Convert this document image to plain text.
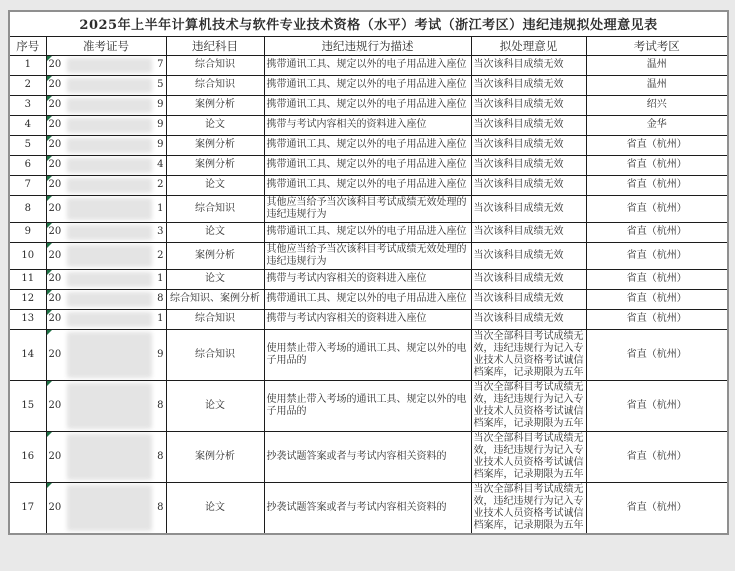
2025年上半年计算机技术与软件专业技术资格（水平）考试（浙江考区）违纪违规拟处理意见表					
序号	准考证号	违纪科目	违纪违规行为描述	拟处理意见	考试考区
1	20 7	综合知识	携带通讯工具、规定以外的电子用品进入座位	当次该科目成绩无效	温州
2	20 5	综合知识	携带通讯工具、规定以外的电子用品进入座位	当次该科目成绩无效	温州
3	20 9	案例分析	携带通讯工具、规定以外的电子用品进入座位	当次该科目成绩无效	绍兴
4	20 9	论文	携带与考试内容相关的资料进入座位	当次该科目成绩无效	金华
5	20 9	案例分析	携带通讯工具、规定以外的电子用品进入座位	当次该科目成绩无效	省直（杭州）
6	20 4	案例分析	携带通讯工具、规定以外的电子用品进入座位	当次该科目成绩无效	省直（杭州）
7	20 2	论文	携带通讯工具、规定以外的电子用品进入座位	当次该科目成绩无效	省直（杭州）
8	20 1	综合知识	其他应当给予当次该科目考试成绩无效处理的违纪违规行为	当次该科目成绩无效	省直（杭州）
9	20 3	论文	携带通讯工具、规定以外的电子用品进入座位	当次该科目成绩无效	省直（杭州）
10	20 2	案例分析	其他应当给予当次该科目考试成绩无效处理的违纪违规行为	当次该科目成绩无效	省直（杭州）
11	20 1	论文	携带与考试内容相关的资料进入座位	当次该科目成绩无效	省直（杭州）
12	20 8	综合知识、案例分析	携带通讯工具、规定以外的电子用品进入座位	当次该科目成绩无效	省直（杭州）
13	20 1	综合知识	携带与考试内容相关的资料进入座位	当次该科目成绩无效	省直（杭州）
14	20 9	综合知识	使用禁止带入考场的通讯工具、规定以外的电子用品的	当次全部科目考试成绩无效，违纪违规行为记入专业技术人员资格考试诚信档案库，记录期限为五年	省直（杭州）
15	20 8	论文	使用禁止带入考场的通讯工具、规定以外的电子用品的	当次全部科目考试成绩无效，违纪违规行为记入专业技术人员资格考试诚信档案库，记录期限为五年	省直（杭州）
16	20 8	案例分析	抄袭试题答案或者与考试内容相关资料的	当次全部科目考试成绩无效，违纪违规行为记入专业技术人员资格考试诚信档案库，记录期限为五年	省直（杭州）
17	20 8	论文	抄袭试题答案或者与考试内容相关资料的	当次全部科目考试成绩无效，违纪违规行为记入专业技术人员资格考试诚信档案库，记录期限为五年	省直（杭州）
